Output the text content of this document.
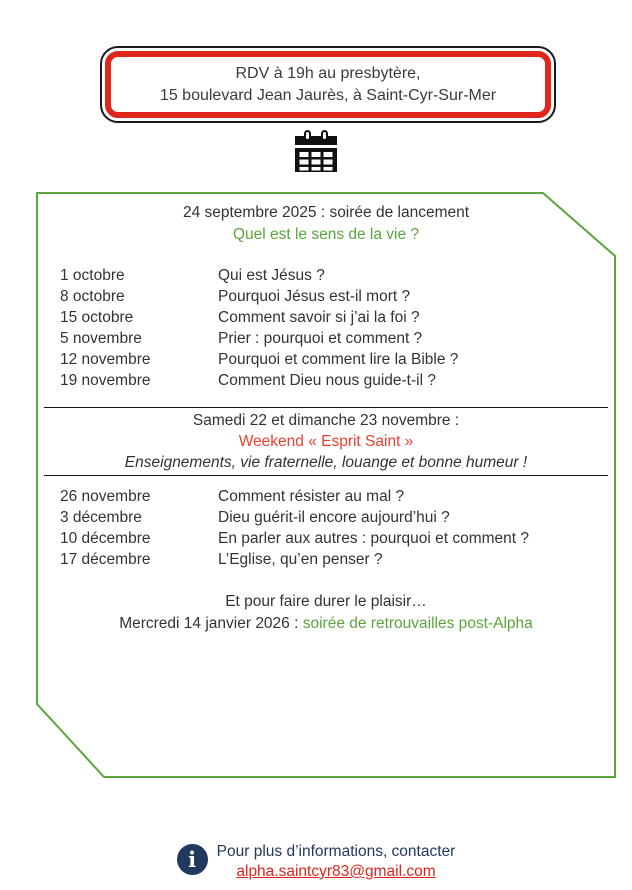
RDV à 19h au presbytère,
15 boulevard Jean Jaurès, à Saint-Cyr-Sur-Mer
24 septembre 2025 : soirée de lancement
Quel est le sens de la vie ?
1 octobre	Qui est Jésus ?
8 octobre	Pourquoi Jésus est-il mort ?
15 octobre	Comment savoir si j’ai la foi ?
5 novembre	Prier : pourquoi et comment ?
12 novembre	Pourquoi et comment lire la Bible ?
19 novembre	Comment Dieu nous guide-t-il ?
Samedi 22 et dimanche 23 novembre :
Weekend « Esprit Saint »
Enseignements, vie fraternelle, louange et bonne humeur !
26 novembre	Comment résister au mal ?
3 décembre	Dieu guérit-il encore aujourd’hui ?
10 décembre	En parler aux autres : pourquoi et comment ?
17 décembre	L’Eglise, qu’en penser ?
Et pour faire durer le plaisir…
Mercredi 14 janvier 2026 : soirée de retrouvailles post-Alpha
i	Pour plus d’informations, contacter
alpha.saintcyr83@gmail.com
